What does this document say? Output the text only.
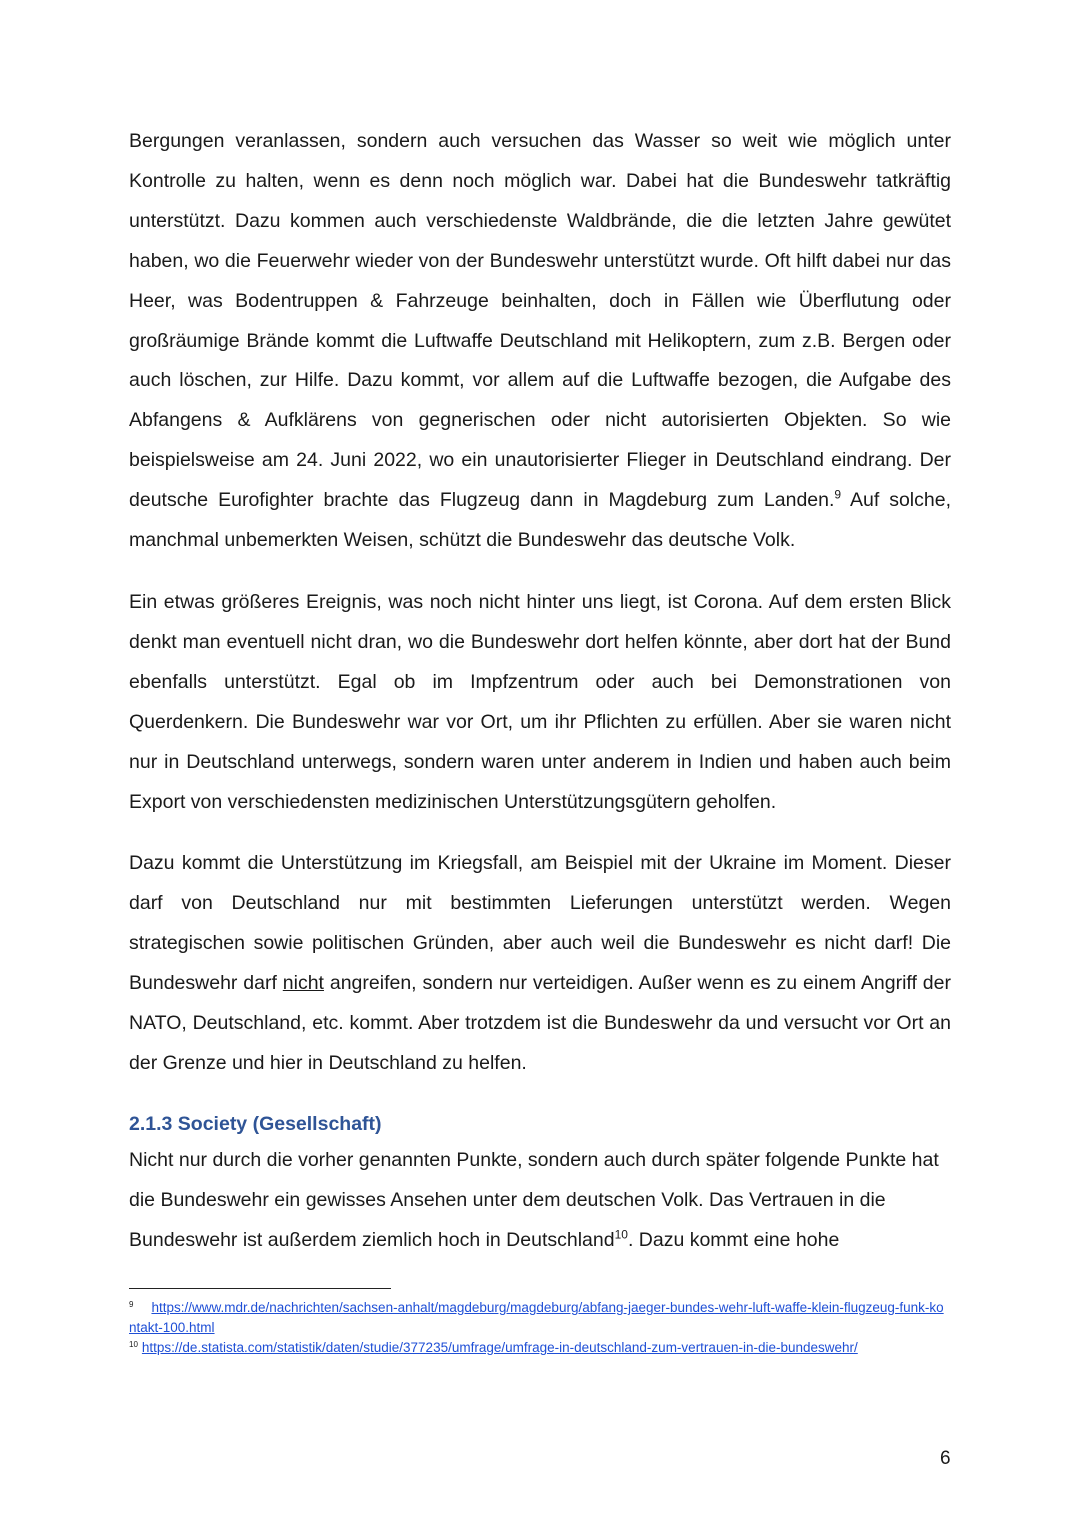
Bergungen veranlassen, sondern auch versuchen das Wasser so weit wie möglich unter Kontrolle zu halten, wenn es denn noch möglich war. Dabei hat die Bundeswehr tatkräftig unterstützt. Dazu kommen auch verschiedenste Waldbrände, die die letzten Jahre gewütet haben, wo die Feuerwehr wieder von der Bundeswehr unterstützt wurde. Oft hilft dabei nur das Heer, was Bodentruppen & Fahrzeuge beinhalten, doch in Fällen wie Überflutung oder großräumige Brände kommt die Luftwaffe Deutschland mit Helikoptern, zum z.B. Bergen oder auch löschen, zur Hilfe. Dazu kommt, vor allem auf die Luftwaffe bezogen, die Aufgabe des Abfangens & Aufklärens von gegnerischen oder nicht autorisierten Objekten. So wie beispielsweise am 24. Juni 2022, wo ein unautorisierter Flieger in Deutschland eindrang. Der deutsche Eurofighter brachte das Flugzeug dann in Magdeburg zum Landen.$^9$ Auf solche, manchmal unbemerkten Weisen, schützt die Bundeswehr das deutsche Volk.

Ein etwas größeres Ereignis, was noch nicht hinter uns liegt, ist Corona. Auf dem ersten Blick denkt man eventuell nicht dran, wo die Bundeswehr dort helfen könnte, aber dort hat der Bund ebenfalls unterstützt. Egal ob im Impfzentrum oder auch bei Demonstrationen von Querdenkern. Die Bundeswehr war vor Ort, um ihr Pflichten zu erfüllen. Aber sie waren nicht nur in Deutschland unterwegs, sondern waren unter anderem in Indien und haben auch beim Export von verschiedensten medizinischen Unterstützungsgütern geholfen.

Dazu kommt die Unterstützung im Kriegsfall, am Beispiel mit der Ukraine im Moment. Dieser darf von Deutschland nur mit bestimmten Lieferungen unterstützt werden. Wegen strategischen sowie politischen Gründen, aber auch weil die Bundeswehr es nicht darf! Die Bundeswehr darf nicht angreifen, sondern nur verteidigen. Außer wenn es zu einem Angriff der NATO, Deutschland, etc. kommt. Aber trotzdem ist die Bundeswehr da und versucht vor Ort an der Grenze und hier in Deutschland zu helfen.

2.1.3 Society (Gesellschaft)

Nicht nur durch die vorher genannten Punkte, sondern auch durch später folgende Punkte hat die Bundeswehr ein gewisses Ansehen unter dem deutschen Volk. Das Vertrauen in die Bundeswehr ist außerdem ziemlich hoch in Deutschland$^{10}$. Dazu kommt eine hohe

$^9$ https://www.mdr.de/nachrichten/sachsen-anhalt/magdeburg/magdeburg/abfang-jaeger-bundes-wehr-luft-waffe-klein-flugzeug-funk-kontakt-100.html

$^{10}$ https://de.statista.com/statistik/daten/studie/377235/umfrage/umfrage-in-deutschland-zum-vertrauen-in-die-bundeswehr/

6
